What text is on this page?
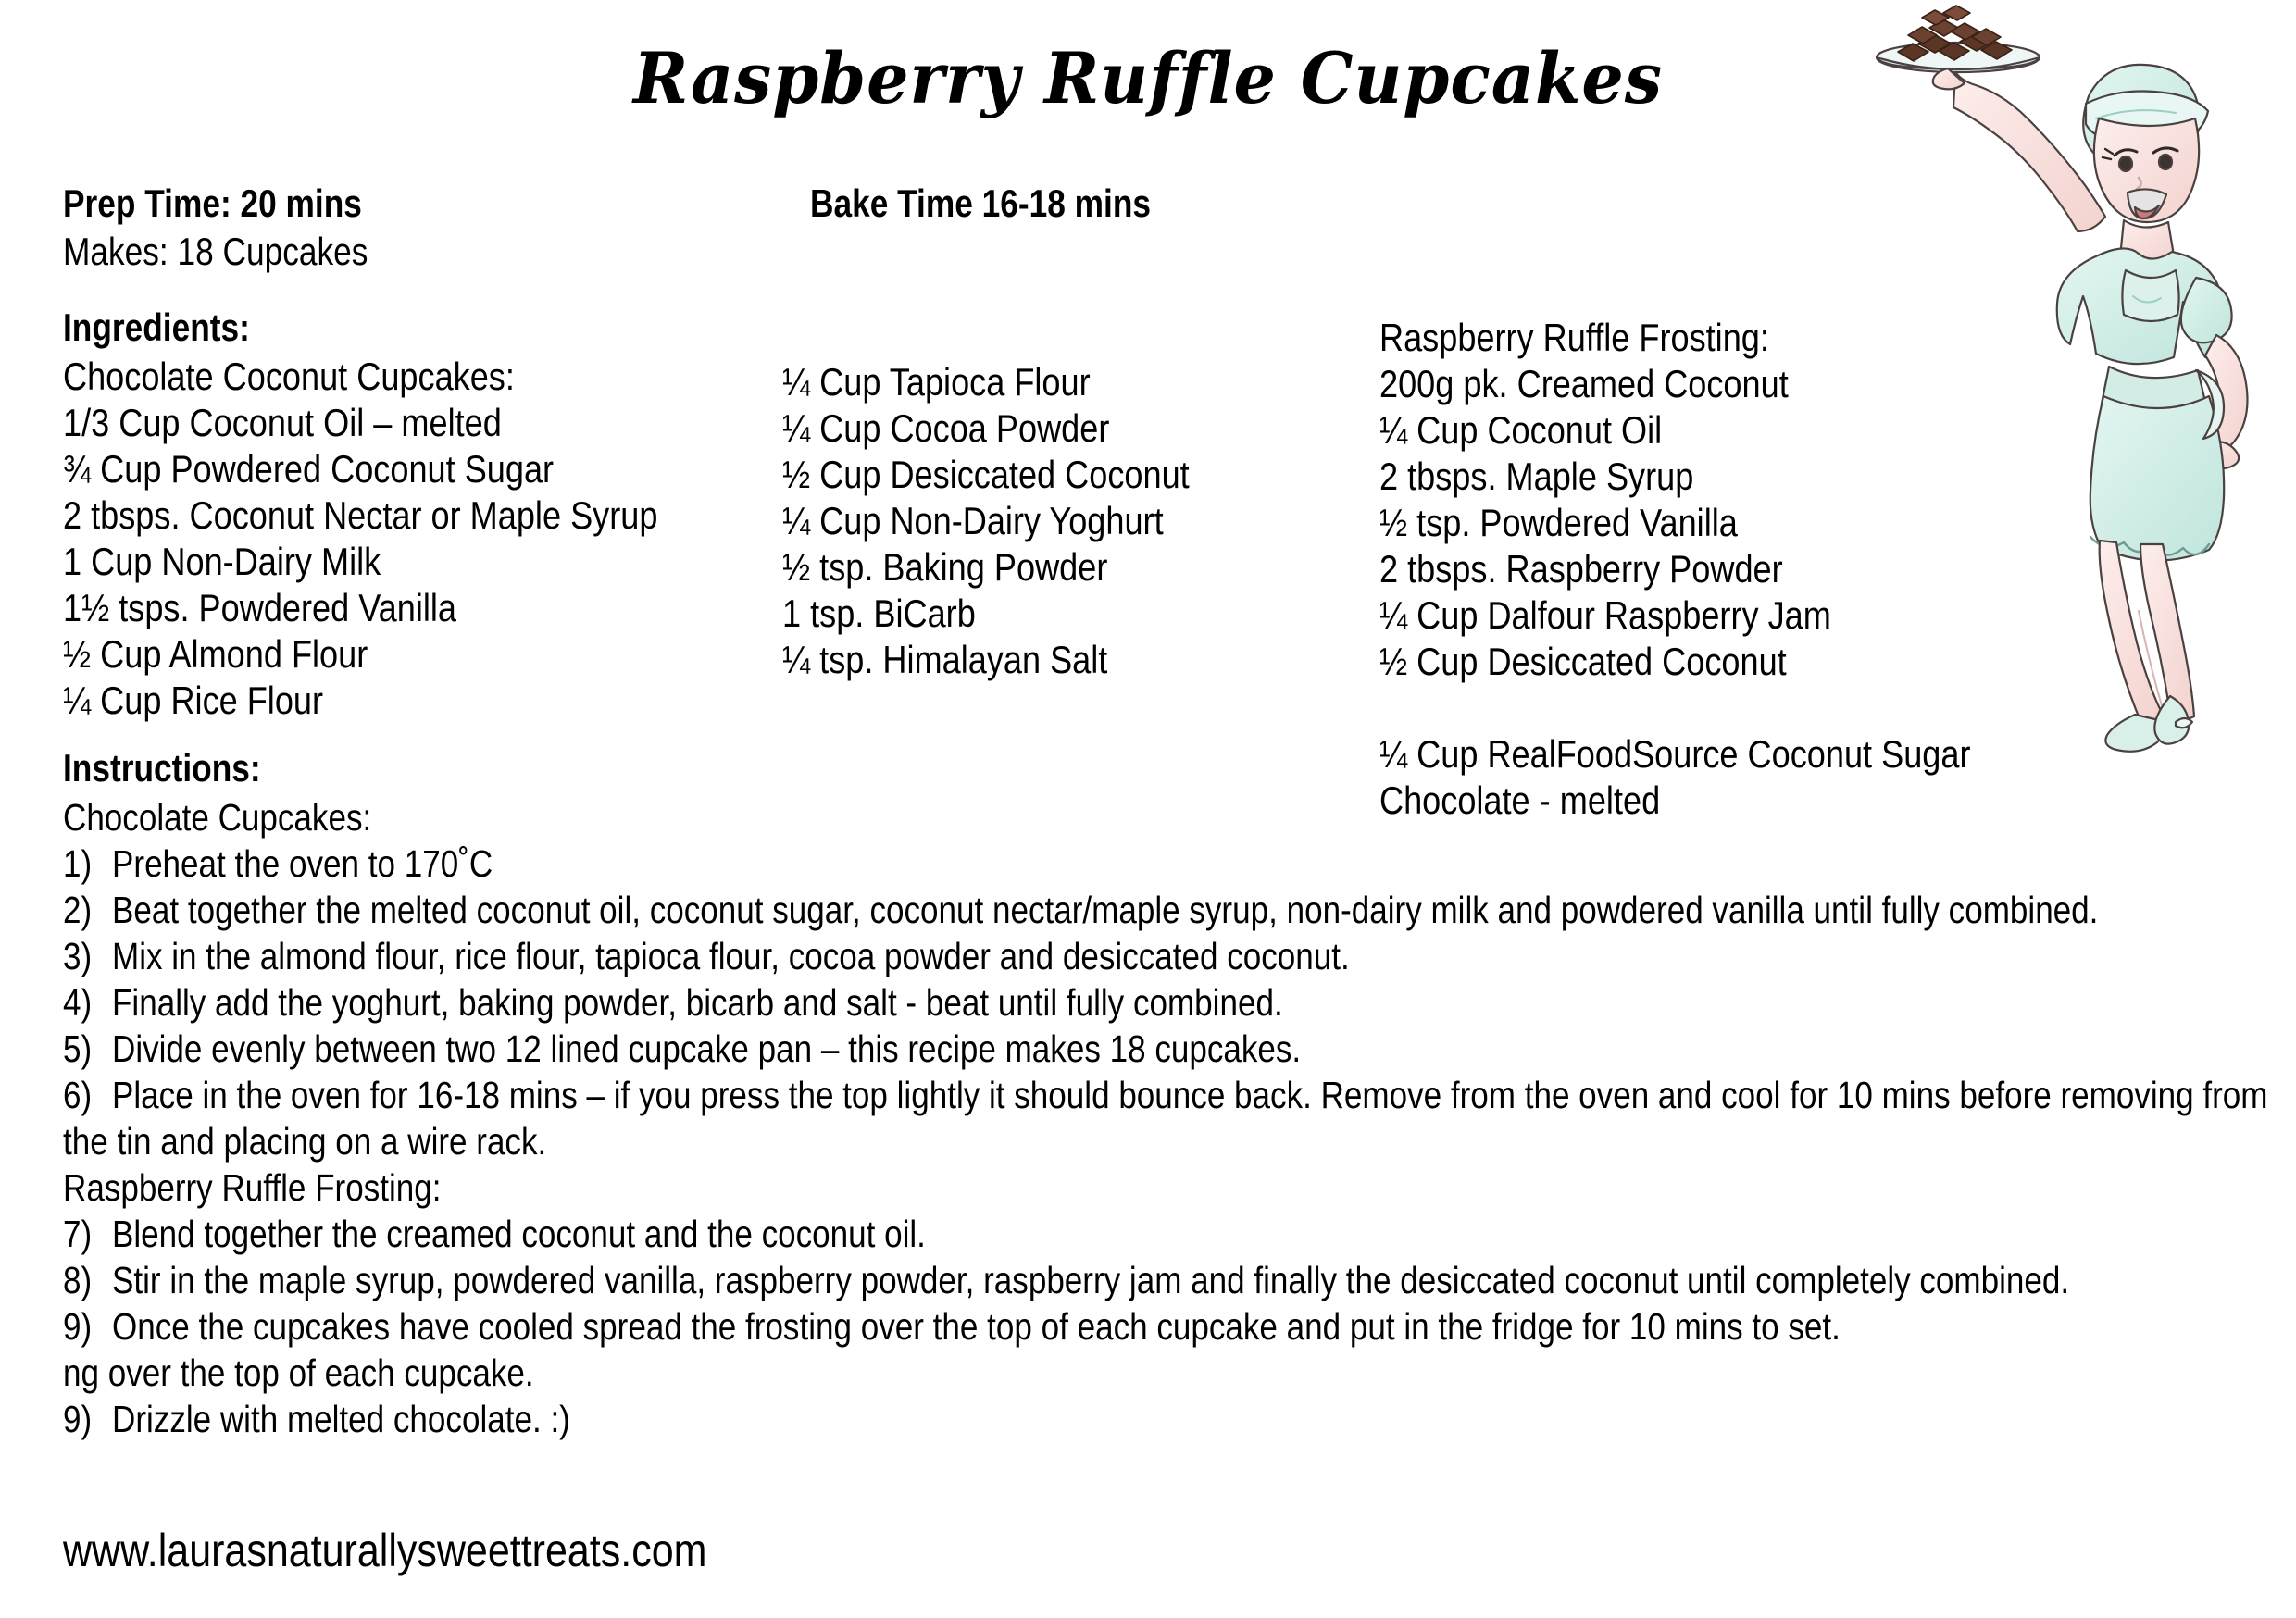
Raspberry Ruffle Cupcakes
Prep Time: 20 mins
Makes: 18 Cupcakes
Bake Time 16-18 mins
Ingredients:
Chocolate Coconut Cupcakes:
1/3 Cup Coconut Oil – melted
¾ Cup Powdered Coconut Sugar
2 tbsps. Coconut Nectar or Maple Syrup
1 Cup Non-Dairy Milk
1½ tsps. Powdered Vanilla
½ Cup Almond Flour
¼ Cup Rice Flour
¼ Cup Tapioca Flour
¼ Cup Cocoa Powder
½ Cup Desiccated Coconut
¼ Cup Non-Dairy Yoghurt
½ tsp. Baking Powder
1 tsp. BiCarb
¼ tsp. Himalayan Salt
Raspberry Ruffle Frosting:
200g pk. Creamed Coconut
¼ Cup Coconut Oil
2 tbsps. Maple Syrup
½ tsp. Powdered Vanilla
2 tbsps. Raspberry Powder
¼ Cup Dalfour Raspberry Jam
½ Cup Desiccated Coconut

¼ Cup RealFoodSource Coconut Sugar
Chocolate - melted
Instructions:
Chocolate Cupcakes:
1) Preheat the oven to 170˚C
2) Beat together the melted coconut oil, coconut sugar, coconut nectar/maple syrup, non-dairy milk and powdered vanilla until fully combined.
3) Mix in the almond flour, rice flour, tapioca flour, cocoa powder and desiccated coconut.
4) Finally add the yoghurt, baking powder, bicarb and salt - beat until fully combined.
5) Divide evenly between two 12 lined cupcake pan – this recipe makes 18 cupcakes.
6) Place in the oven for 16-18 mins – if you press the top lightly it should bounce back. Remove from the oven and cool for 10 mins before removing from the tin and placing on a wire rack.
Raspberry Ruffle Frosting:
7) Blend together the creamed coconut and the coconut oil.
8) Stir in the maple syrup, powdered vanilla, raspberry powder, raspberry jam and finally the desiccated coconut until completely combined.
9) Once the cupcakes have cooled spread the frosting over the top of each cupcake and put in the fridge for 10 mins to set.
ng over the top of each cupcake.
9) Drizzle with melted chocolate. :)
www.laurasnaturallysweettreats.com
